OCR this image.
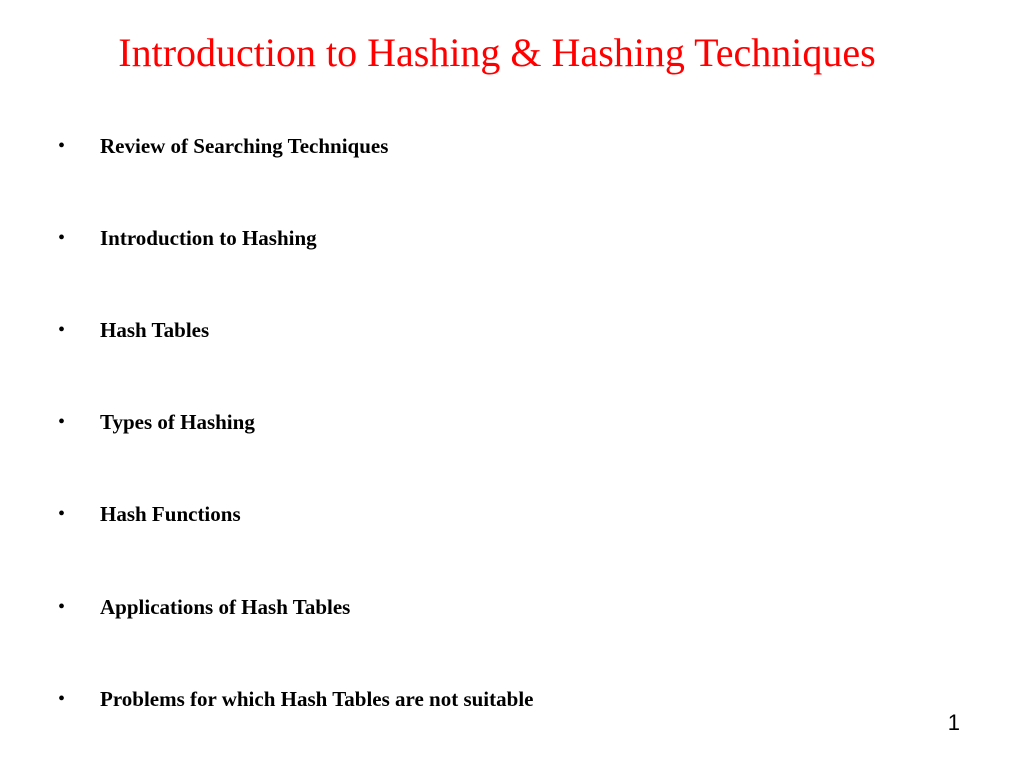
Introduction to Hashing & Hashing Techniques
• Review of Searching Techniques
• Introduction to Hashing
• Hash Tables
• Types of Hashing
• Hash Functions
• Applications of Hash Tables
• Problems for which Hash Tables are not suitable
1
